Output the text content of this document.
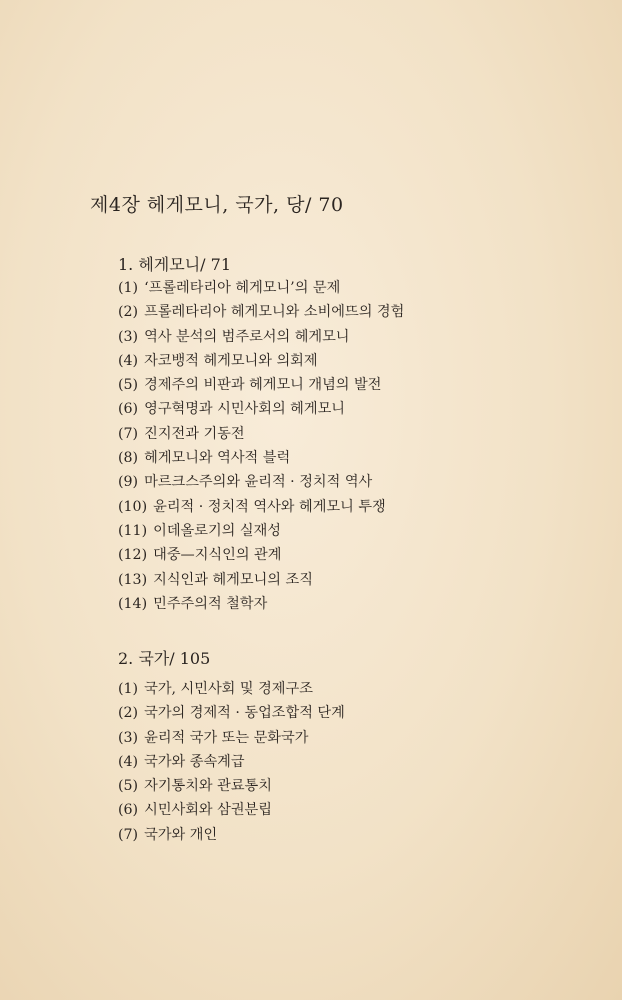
제4장 헤게모니, 국가, 당/ 70
1. 헤게모니/ 71
(1) ‘프롤레타리아 헤게모니’의 문제
(2) 프롤레타리아 헤게모니와 소비에뜨의 경험
(3) 역사 분석의 범주로서의 헤게모니
(4) 자코뱅적 헤게모니와 의회제
(5) 경제주의 비판과 헤게모니 개념의 발전
(6) 영구혁명과 시민사회의 헤게모니
(7) 진지전과 기동전
(8) 헤게모니와 역사적 블럭
(9) 마르크스주의와 윤리적 · 정치적 역사
(10) 윤리적 · 정치적 역사와 헤게모니 투쟁
(11) 이데올로기의 실재성
(12) 대중—지식인의 관계
(13) 지식인과 헤게모니의 조직
(14) 민주주의적 철학자
2. 국가/ 105
(1) 국가, 시민사회 및 경제구조
(2) 국가의 경제적 · 동업조합적 단계
(3) 윤리적 국가 또는 문화국가
(4) 국가와 종속계급
(5) 자기통치와 관료통치
(6) 시민사회와 삼권분립
(7) 국가와 개인
